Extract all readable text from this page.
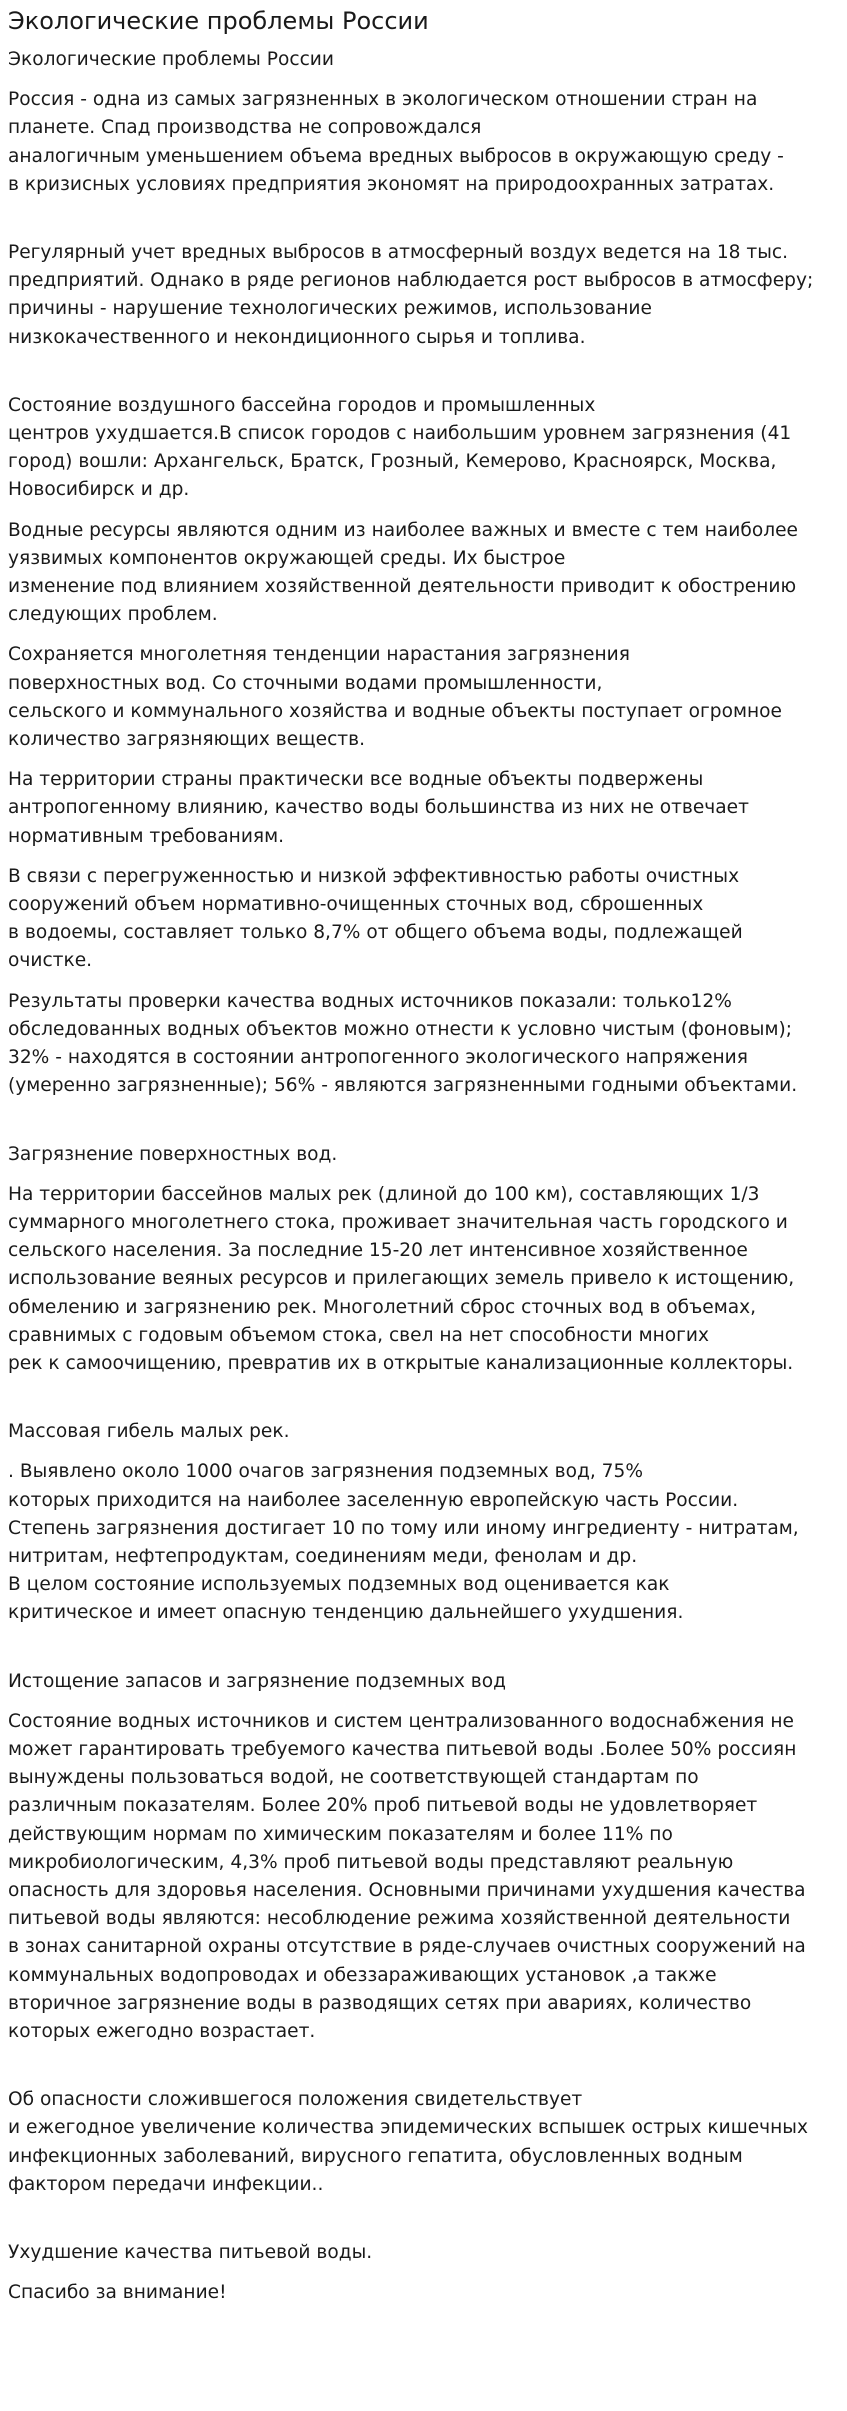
Экологические проблемы России

Экологические проблемы России

Россия - одна из самых загрязненных в экологическом отношении стран на
планете. Спад производства не сопровождался
аналогичным уменьшением объема вредных выбросов в окружающую среду -
в кризисных условиях предприятия экономят на природоохранных затратах.

Регулярный учет вредных выбросов в атмосферный воздух ведется на 18 тыс.
предприятий. Однако в ряде регионов наблюдается рост выбросов в атмосферу;
причины - нарушение технологических режимов, использование
низкокачественного и некондиционного сырья и топлива.

Состояние воздушного бассейна городов и промышленных
центров ухудшается.В список городов с наибольшим уровнем загрязнения (41
город) вошли: Архангельск, Братск, Грозный, Кемерово, Красноярск, Москва,
Новосибирск и др.

Водные ресурсы являются одним из наиболее важных и вместе с тем наиболее
уязвимых компонентов окружающей среды. Их быстрое
изменение под влиянием хозяйственной деятельности приводит к обострению
следующих проблем.

Сохраняется многолетняя тенденции нарастания загрязнения
поверхностных вод. Со сточными водами промышленности,
сельского и коммунального хозяйства и водные объекты поступает огромное
количество загрязняющих веществ.

На территории страны практически все водные объекты подвержены
антропогенному влиянию, качество воды большинства из них не отвечает
нормативным требованиям.

В связи с перегруженностью и низкой эффективностью работы очистных
сооружений объем нормативно-очищенных сточных вод, сброшенных
в водоемы, составляет только 8,7% от общего объема воды, подлежащей
очистке.

Результаты проверки качества водных источников показали: только12%
обследованных водных объектов можно отнести к условно чистым (фоновым);
32% - находятся в состоянии антропогенного экологического напряжения
(умеренно загрязненные); 56% - являются загрязненными годными объектами.

Загрязнение поверхностных вод.

На территории бассейнов малых рек (длиной до 100 км), составляющих 1/3
суммарного многолетнего стока, проживает значительная часть городского и
сельского населения. За последние 15-20 лет интенсивное хозяйственное
использование веяных ресурсов и прилегающих земель привело к истощению,
обмелению и загрязнению рек. Многолетний сброс сточных вод в объемах,
сравнимых с годовым объемом стока, свел на нет способности многих
рек к самоочищению, превратив их в открытые канализационные коллекторы.

Массовая гибель малых рек.

. Выявлено около 1000 очагов загрязнения подземных вод, 75%
которых приходится на наиболее заселенную европейскую часть России.
Степень загрязнения достигает 10 по тому или иному ингредиенту - нитратам,
нитритам, нефтепродуктам, соединениям меди, фенолам и др.
В целом состояние используемых подземных вод оценивается как
критическое и имеет опасную тенденцию дальнейшего ухудшения.

Истощение запасов и загрязнение подземных вод

Состояние водных источников и систем централизованного водоснабжения не
может гарантировать требуемого качества питьевой воды .Более 50% россиян
вынуждены пользоваться водой, не соответствующей стандартам по
различным показателям. Более 20% проб питьевой воды не удовлетворяет
действующим нормам по химическим показателям и более 11% по
микробиологическим, 4,3% проб питьевой воды представляют реальную
опасность для здоровья населения. Основными причинами ухудшения качества
питьевой воды являются: несоблюдение режима хозяйственной деятельности
в зонах санитарной охраны отсутствие в ряде-случаев очистных сооружений на
коммунальных водопроводах и обеззараживающих установок ,а также
вторичное загрязнение воды в разводящих сетях при авариях, количество
которых ежегодно возрастает.

Об опасности сложившегося положения свидетельствует
и ежегодное увеличение количества эпидемических вспышек острых кишечных
инфекционных заболеваний, вирусного гепатита, обусловленных водным
фактором передачи инфекции..

Ухудшение качества питьевой воды.

Спасибо за внимание!
